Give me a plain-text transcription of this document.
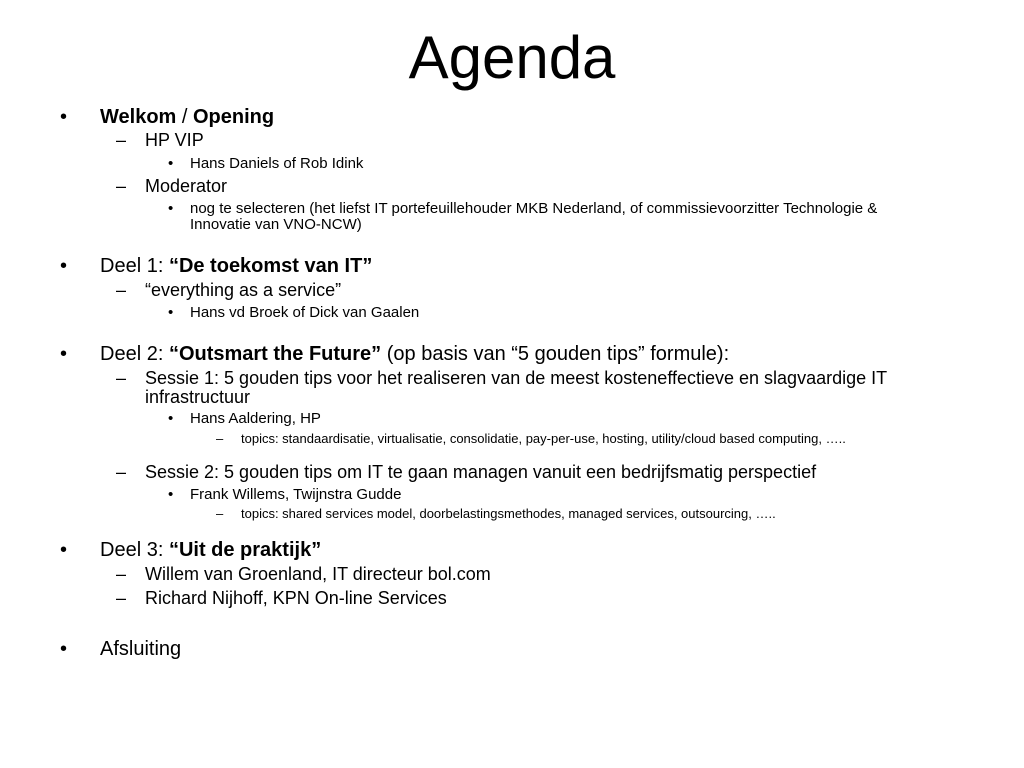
Agenda
• Welkom / Opening
– HP VIP
• Hans Daniels of Rob Idink
– Moderator
• nog te selecteren (het liefst IT portefeuillehouder MKB Nederland, of commissievoorzitter Technologie &
Innovatie van VNO-NCW)
• Deel 1: “De toekomst van IT”
– “everything as a service”
• Hans vd Broek of Dick van Gaalen
• Deel 2: “Outsmart the Future” (op basis van “5 gouden tips” formule):
– Sessie 1: 5 gouden tips voor het realiseren van de meest kosteneffectieve en slagvaardige IT
infrastructuur
• Hans Aaldering, HP
– topics: standaardisatie, virtualisatie, consolidatie, pay-per-use, hosting, utility/cloud based computing, …..
– Sessie 2: 5 gouden tips om IT te gaan managen vanuit een bedrijfsmatig perspectief
• Frank Willems, Twijnstra Gudde
– topics: shared services model, doorbelastingsmethodes, managed services, outsourcing, …..
• Deel 3: “Uit de praktijk”
– Willem van Groenland, IT directeur bol.com
– Richard Nijhoff, KPN On-line Services
• Afsluiting
